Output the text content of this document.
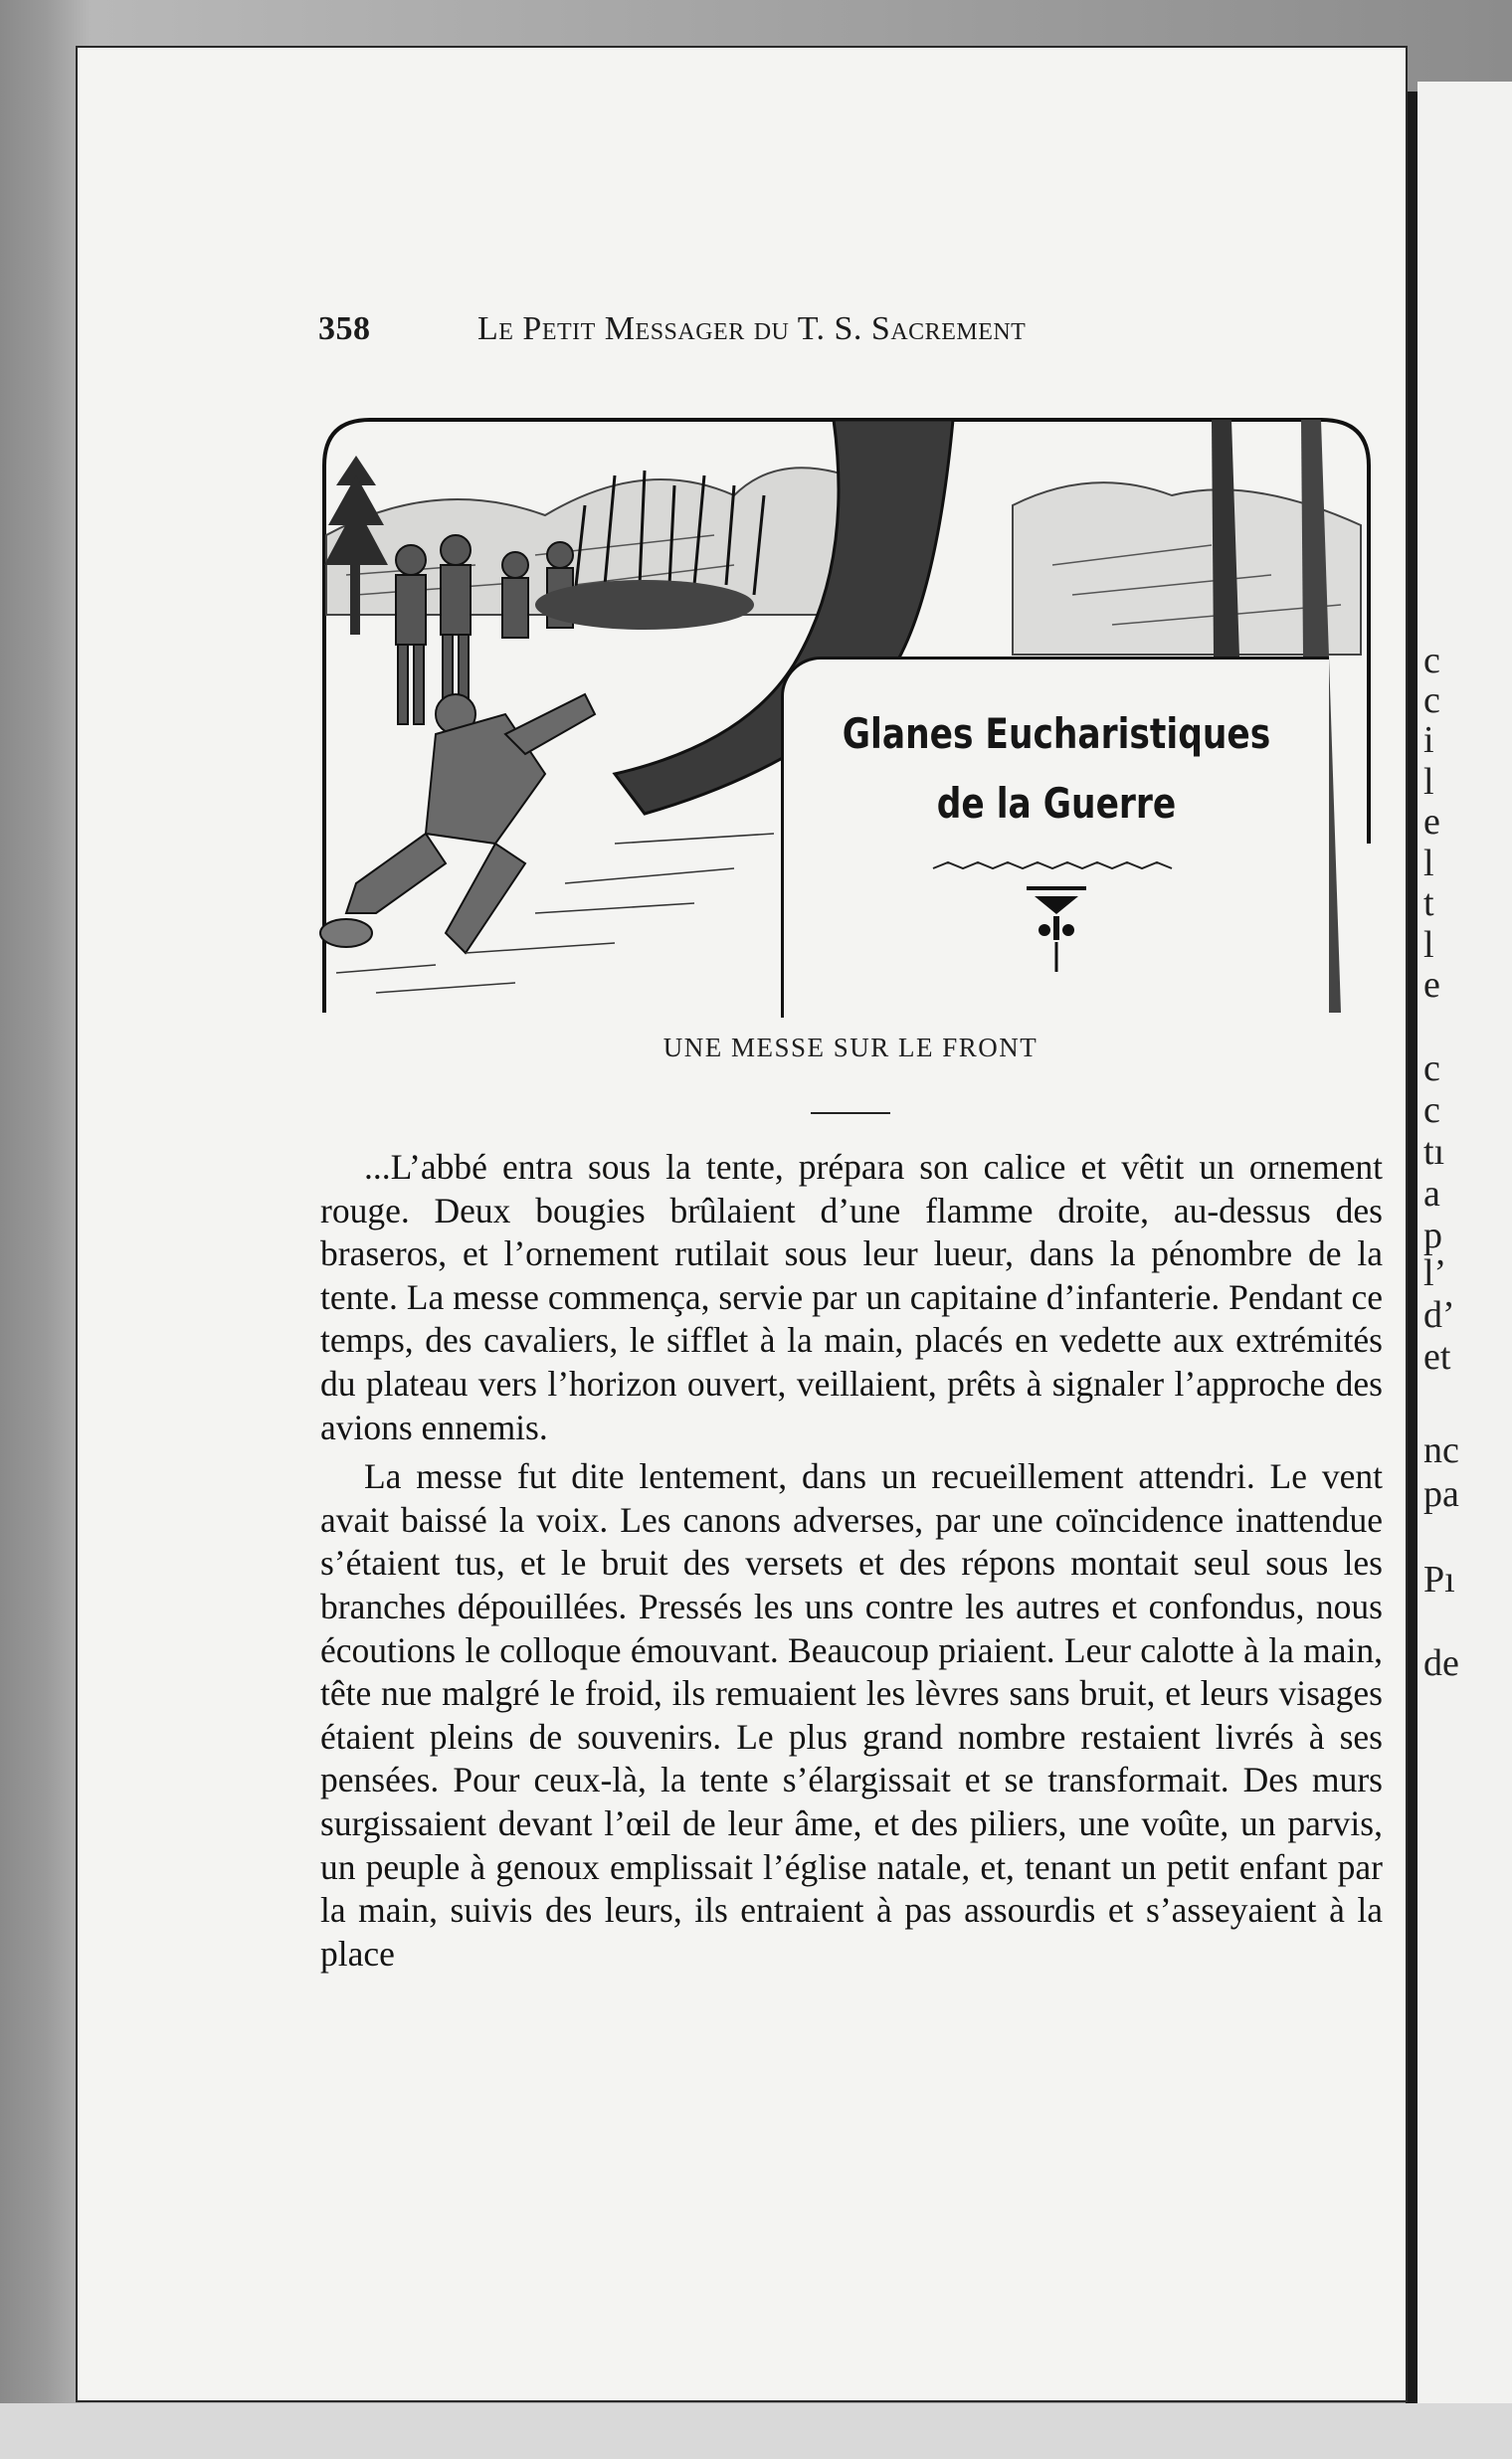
c
c
i
l
e
l
t
l
e
c
c
tı
a
p
l’
d’
et
nc
pa
Pı
de
358	Le Petit Messager du T. S. Sacrement
Glanes Eucharistiques
de la Guerre
UNE MESSE SUR LE FRONT

...L’abbé entra sous la tente, prépara son calice et vêtit un ornement rouge. Deux bougies brûlaient d’une flamme droite, au-dessus des braseros, et l’ornement rutilait sous leur lueur, dans la pénombre de la tente. La messe commença, servie par un capitaine d’infanterie. Pendant ce temps, des cavaliers, le sifflet à la main, placés en vedette aux extrémités du plateau vers l’horizon ouvert, veillaient, prêts à signaler l’approche des avions ennemis.

La messe fut dite lentement, dans un recueillement attendri. Le vent avait baissé la voix. Les canons adverses, par une coïncidence inattendue s’étaient tus, et le bruit des versets et des répons montait seul sous les branches dépouillées. Pressés les uns contre les autres et confondus, nous écoutions le colloque émouvant. Beaucoup priaient. Leur calotte à la main, tête nue malgré le froid, ils remuaient les lèvres sans bruit, et leurs visages étaient pleins de souvenirs. Le plus grand nombre restaient livrés à ses pensées. Pour ceux-là, la tente s’élargissait et se transformait. Des murs surgissaient devant l’œil de leur âme, et des piliers, une voûte, un parvis, un peuple à genoux emplissait l’église natale, et, tenant un petit enfant par la main, suivis des leurs, ils entraient à pas assourdis et s’asseyaient à la place
